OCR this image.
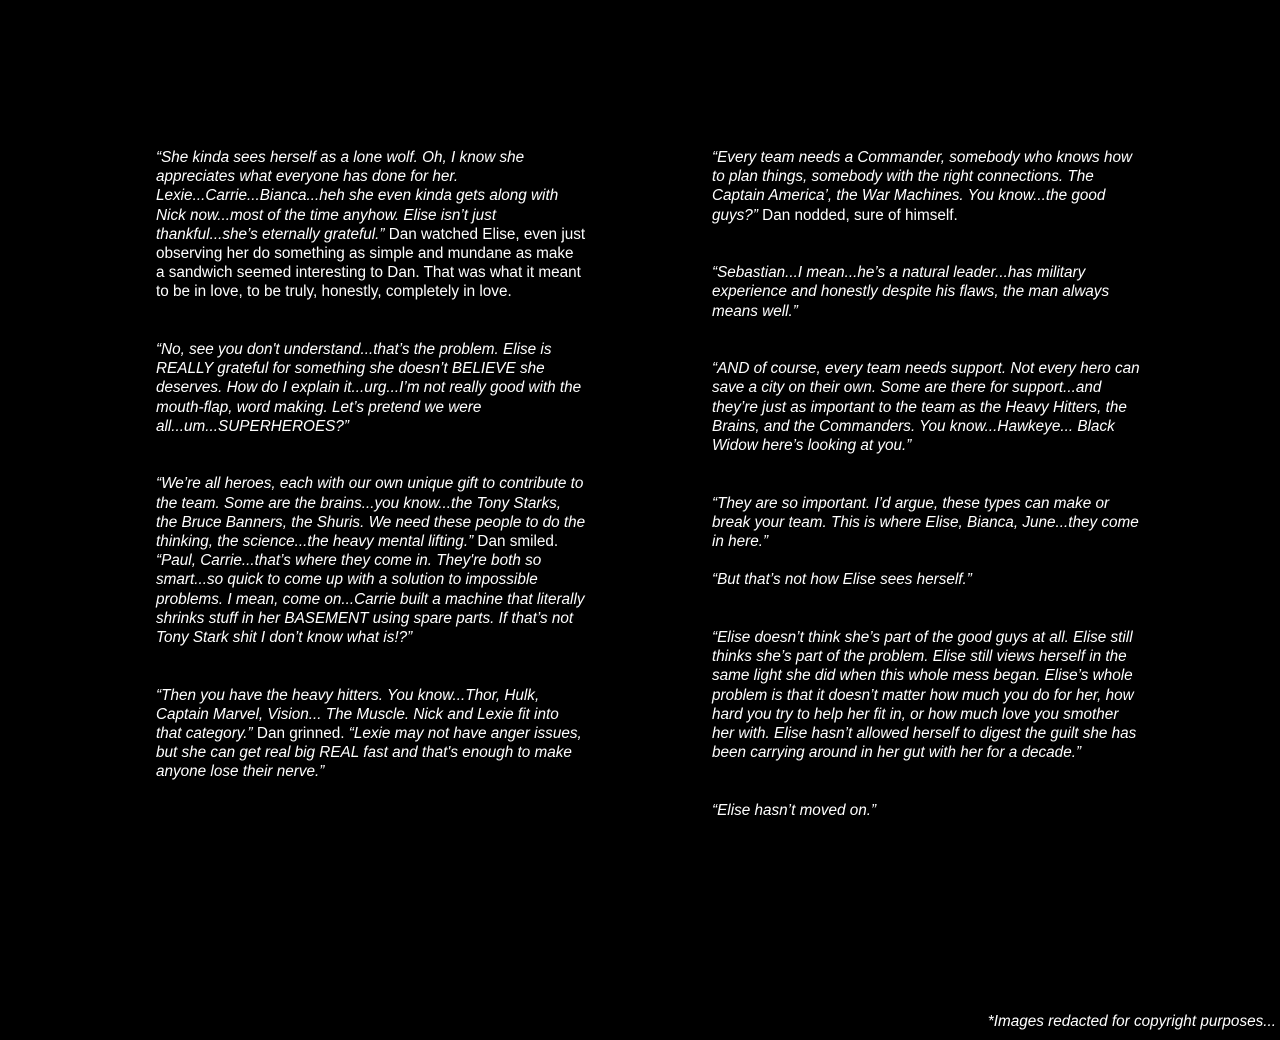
“She kinda sees herself as a lone wolf. Oh, I know she appreciates what everyone has done for her. Lexie...Carrie...Bianca...heh she even kinda gets along with Nick now...most of the time anyhow. Elise isn’t just thankful...she’s eternally grateful.” Dan watched Elise, even just observing her do something as simple and mundane as make a sandwich seemed interesting to Dan. That was what it meant to be in love, to be truly, honestly, completely in love.

“No, see you don't understand...that’s the problem. Elise is REALLY grateful for something she doesn’t BELIEVE she deserves. How do I explain it...urg...I’m not really good with the mouth-flap, word making. Let’s pretend we were all...um...SUPERHEROES?”

“We’re all heroes, each with our own unique gift to contribute to the team. Some are the brains...you know...the Tony Starks, the Bruce Banners, the Shuris. We need these people to do the thinking, the science...the heavy mental lifting.” Dan smiled. “Paul, Carrie...that’s where they come in. They're both so smart...so quick to come up with a solution to impossible problems. I mean, come on...Carrie built a machine that literally shrinks stuff in her BASEMENT using spare parts. If that’s not Tony Stark shit I don’t know what is!?”

“Then you have the heavy hitters. You know...Thor, Hulk, Captain Marvel, Vision... The Muscle. Nick and Lexie fit into that category.” Dan grinned. “Lexie may not have anger issues, but she can get real big REAL fast and that's enough to make anyone lose their nerve.”

“Every team needs a Commander, somebody who knows how to plan things, somebody with the right connections. The Captain America’, the War Machines. You know...the good guys?” Dan nodded, sure of himself.

“Sebastian...I mean...he’s a natural leader...has military experience and honestly despite his flaws, the man always means well.”

“AND of course, every team needs support. Not every hero can save a city on their own. Some are there for support...and they’re just as important to the team as the Heavy Hitters, the Brains, and the Commanders. You know...Hawkeye... Black Widow here’s looking at you.”

“They are so important. I’d argue, these types can make or break your team. This is where Elise, Bianca, June...they come in here.”

“But that’s not how Elise sees herself.”

“Elise doesn’t think she’s part of the good guys at all. Elise still thinks she’s part of the problem. Elise still views herself in the same light she did when this whole mess began. Elise’s whole problem is that it doesn’t matter how much you do for her, how hard you try to help her fit in, or how much love you smother her with. Elise hasn’t allowed herself to digest the guilt she has been carrying around in her gut with her for a decade.”

“Elise hasn’t moved on.”

*Images redacted for copyright purposes...
